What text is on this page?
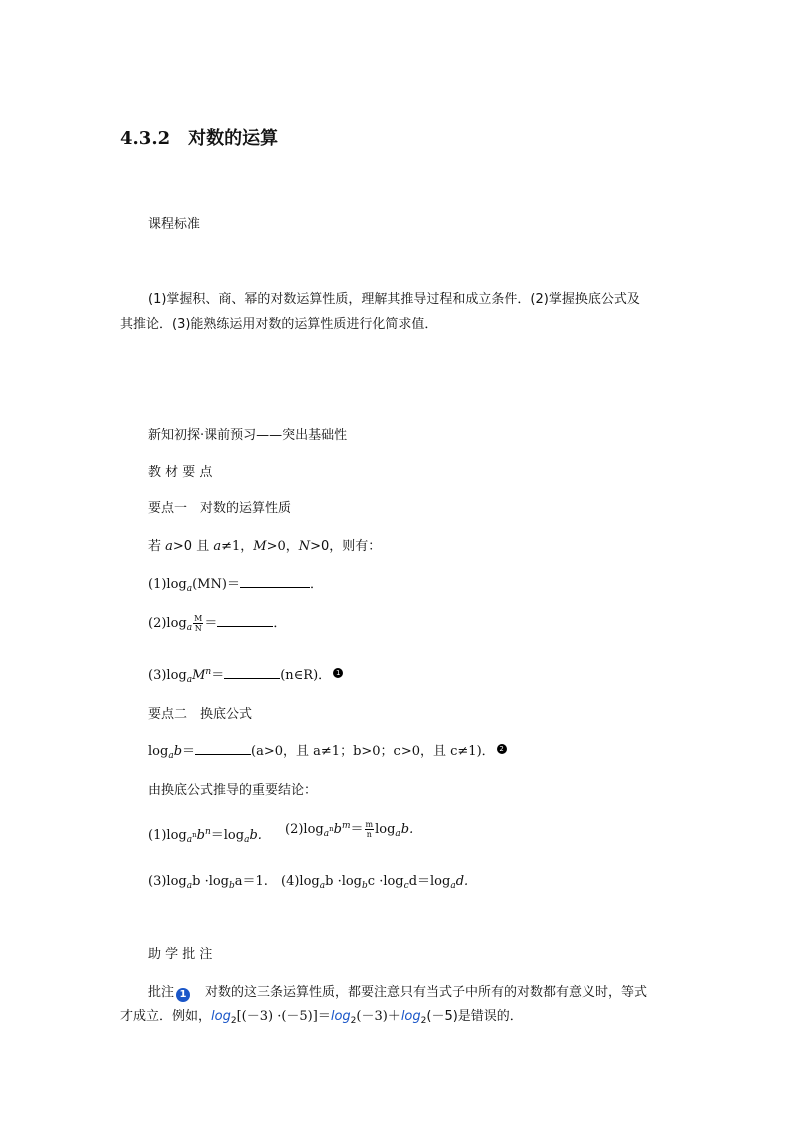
4.3.2　对数的运算
课程标准
(1)掌握积、商、幂的对数运算性质，理解其推导过程和成立条件．(2)掌握换底公式及
其推论．(3)能熟练运用对数的运算性质进行化简求值．
新知初探·课前预习——突出基础性
教 材 要 点
要点一　对数的运算性质
若 a>0 且 a≠1，M>0，N>0，则有：
$(1)\log_a(MN)=$	．
$(2)\log_a \frac{M}{N}$ ＝	．
$(3)\log_aM^n=$	(n∈R)． 1
要点二　换底公式
$\log_ab=$	(a>0，且 a≠1；b>0；c>0，且 c≠1)． 2
由换底公式推导的重要结论：
$(1)\log_{a^n}b^n=\log_ab$. $(2)\log_{a^n}b^m= \frac{m}{n} \log_ab$.
$(3)\log_ab \cdot\log_ba=1$. $(4)\log_ab \cdot\log_bc \cdot\log_cd=\log_ad$.
助 学 批 注
批注 1　对数的这三条运算性质，都要注意只有当式子中所有的对数都有意义时，等式
才成立．例如，$\log_2[(-3) \cdot(-5)]=\log_2(-3)+\log_2(-5)$是错误的．
